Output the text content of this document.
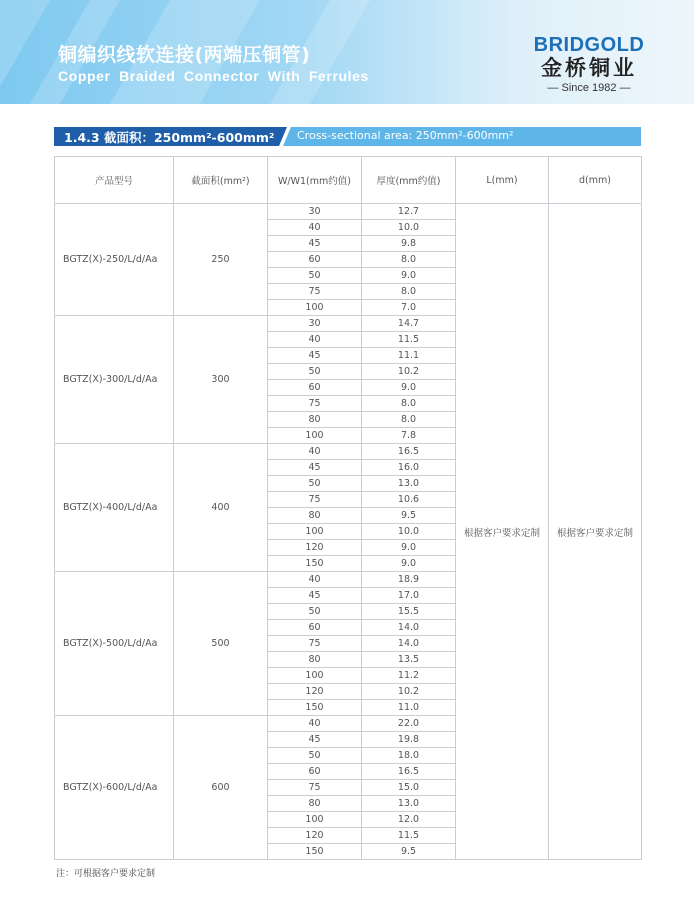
铜编织线软连接(两端压铜管)
Copper Braided Connector With Ferrules
BRIDGOLD
金桥铜业
— Since 1982 —
1.4.3 截面积：250mm²-600mm² Cross-sectional area: 250mm²-600mm²
产品型号	截面积(mm²)	W/W1(mm约值)	厚度(mm约值)	L(mm)	d(mm)
BGTZ(X)-250/L/d/Aa	250	30	12.7	根据客户要求定制	根据客户要求定制
		40	10.0		
		45	9.8		
		60	8.0		
		50	9.0		
		75	8.0		
		100	7.0		
BGTZ(X)-300/L/d/Aa	300	30	14.7		
		40	11.5		
		45	11.1		
		50	10.2		
		60	9.0		
		75	8.0		
		80	8.0		
		100	7.8		
BGTZ(X)-400/L/d/Aa	400	40	16.5		
		45	16.0		
		50	13.0		
		75	10.6		
		80	9.5		
		100	10.0		
		120	9.0		
		150	9.0		
BGTZ(X)-500/L/d/Aa	500	40	18.9		
		45	17.0		
		50	15.5		
		60	14.0		
		75	14.0		
		80	13.5		
		100	11.2		
		120	10.2		
		150	11.0		
BGTZ(X)-600/L/d/Aa	600	40	22.0		
		45	19.8		
		50	18.0		
		60	16.5		
		75	15.0		
		80	13.0		
		100	12.0		
		120	11.5		
		150	9.5		
注：可根据客户要求定制
